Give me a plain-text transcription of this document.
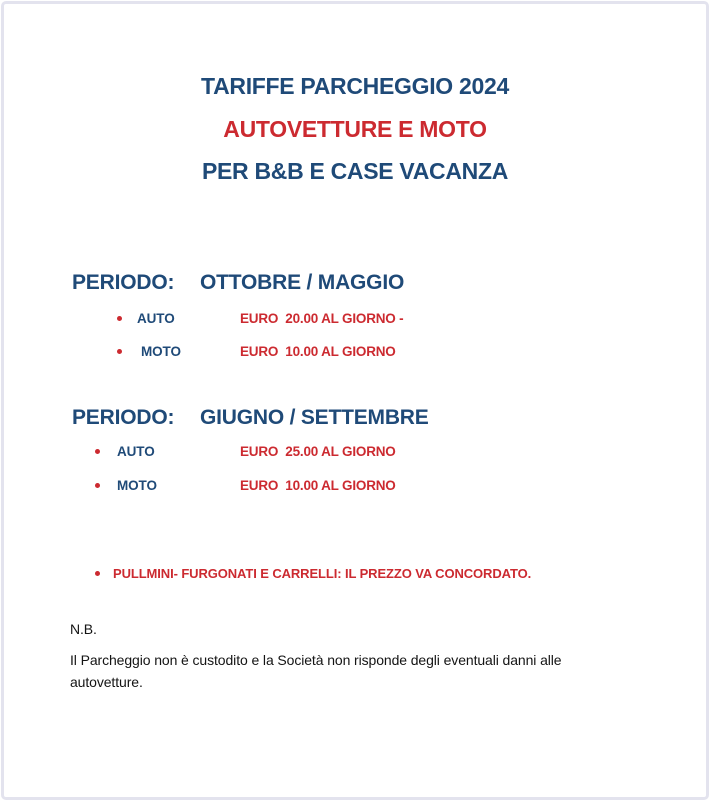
TARIFFE PARCHEGGIO 2024
AUTOVETTURE E MOTO
PER B&B E CASE VACANZA
PERIODO: OTTOBRE / MAGGIO
AUTO	EURO  20.00 AL GIORNO -
MOTO	EURO  10.00 AL GIORNO
PERIODO: GIUGNO / SETTEMBRE
AUTO	EURO  25.00 AL GIORNO
MOTO	EURO  10.00 AL GIORNO
PULLMINI- FURGONATI E CARRELLI: IL PREZZO VA CONCORDATO.
N.B.
Il Parcheggio non è custodito e la Società non risponde degli eventuali danni alle autovetture.
